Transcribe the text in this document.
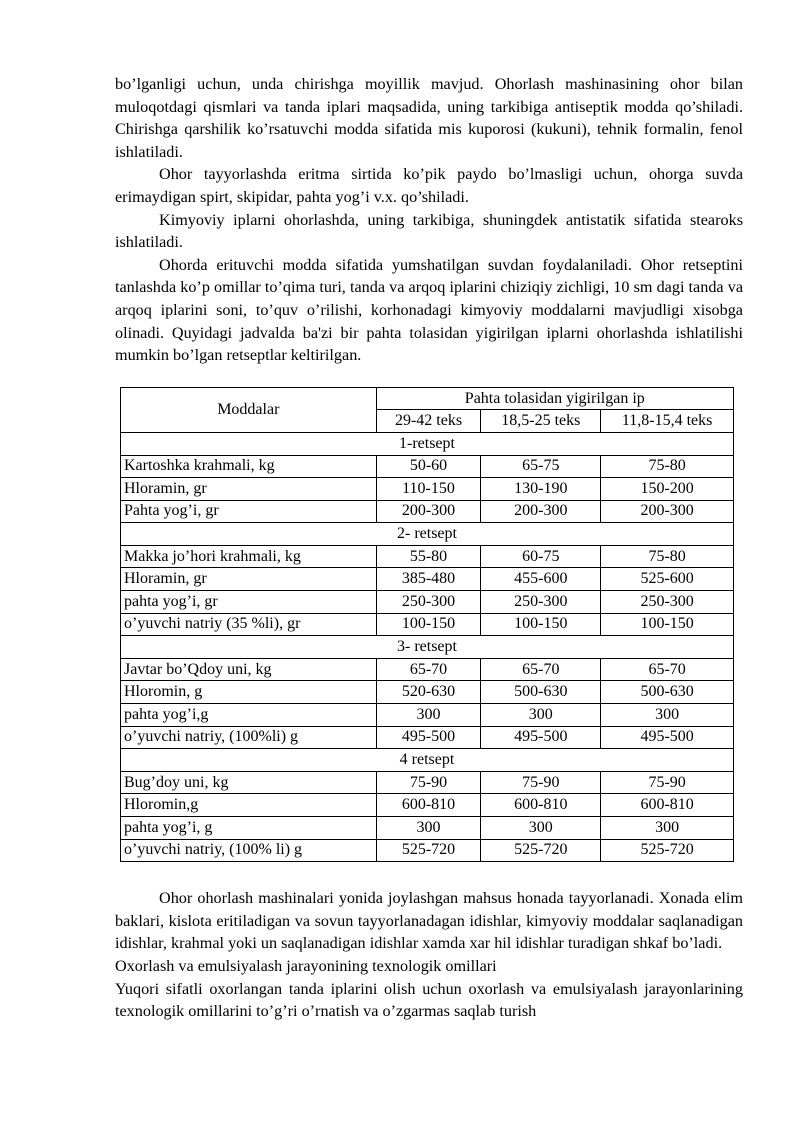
bo’lganligi uchun, unda chirishga moyillik mavjud. Ohorlash mashinasining ohor bilan muloqotdagi qismlari va tanda iplari maqsadida, uning tarkibiga antiseptik modda qo’shiladi. Chirishga qarshilik ko’rsatuvchi modda sifatida mis kuporosi (kukuni), tehnik formalin, fenol ishlatiladi.

Ohor tayyorlashda eritma sirtida ko’pik paydo bo’lmasligi uchun, ohorga suvda erimaydigan spirt, skipidar, pahta yog’i v.x. qo’shiladi.

Kimyoviy iplarni ohorlashda, uning tarkibiga, shuningdek antistatik sifatida stearoks ishlatiladi.

Ohorda erituvchi modda sifatida yumshatilgan suvdan foydalaniladi. Ohor retseptini tanlashda ko’p omillar to’qima turi, tanda va arqoq iplarini chiziqiy zichligi, 10 sm dagi tanda va arqoq iplarini soni, to’quv o’rilishi, korhonadagi kimyoviy moddalarni mavjudligi xisobga olinadi. Quyidagi jadvalda ba'zi bir pahta tolasidan yigirilgan iplarni ohorlashda ishlatilishi mumkin bo’lgan retseptlar keltirilgan.

Moddalar	Pahta tolasidan yigirilgan ip		
	29-42 teks	18,5-25 teks	11,8-15,4 teks
1-retsept			
Kartoshka krahmali, kg	50-60	65-75	75-80
Hloramin, gr	110-150	130-190	150-200
Pahta yog’i, gr	200-300	200-300	200-300
2- retsept			
Makka jo’hori krahmali, kg	55-80	60-75	75-80
Hloramin, gr	385-480	455-600	525-600
pahta yog’i, gr	250-300	250-300	250-300
o’yuvchi natriy (35 %li), gr	100-150	100-150	100-150
3- retsept			
Javtar bo’Qdoy uni, kg	65-70	65-70	65-70
Hloromin, g	520-630	500-630	500-630
pahta yog’i,g	300	300	300
o’yuvchi natriy, (100%li) g	495-500	495-500	495-500
4 retsept			
Bug’doy uni, kg	75-90	75-90	75-90
Hloromin,g	600-810	600-810	600-810
pahta yog’i, g	300	300	300
o’yuvchi natriy, (100% li) g	525-720	525-720	525-720

Ohor ohorlash mashinalari yonida joylashgan mahsus honada tayyorlanadi. Xonada elim baklari, kislota eritiladigan va sovun tayyorlanadagan idishlar, kimyoviy moddalar saqlanadigan idishlar, krahmal yoki un saqlanadigan idishlar xamda xar hil idishlar turadigan shkaf bo’ladi.

Oxorlash va emulsiyalash jarayonining texnologik omillari

Yuqori sifatli oxorlangan tanda iplarini olish uchun oxorlash va emulsiyalash jarayonlarining texnologik omillarini to’g’ri o’rnatish va o’zgarmas saqlab turish
